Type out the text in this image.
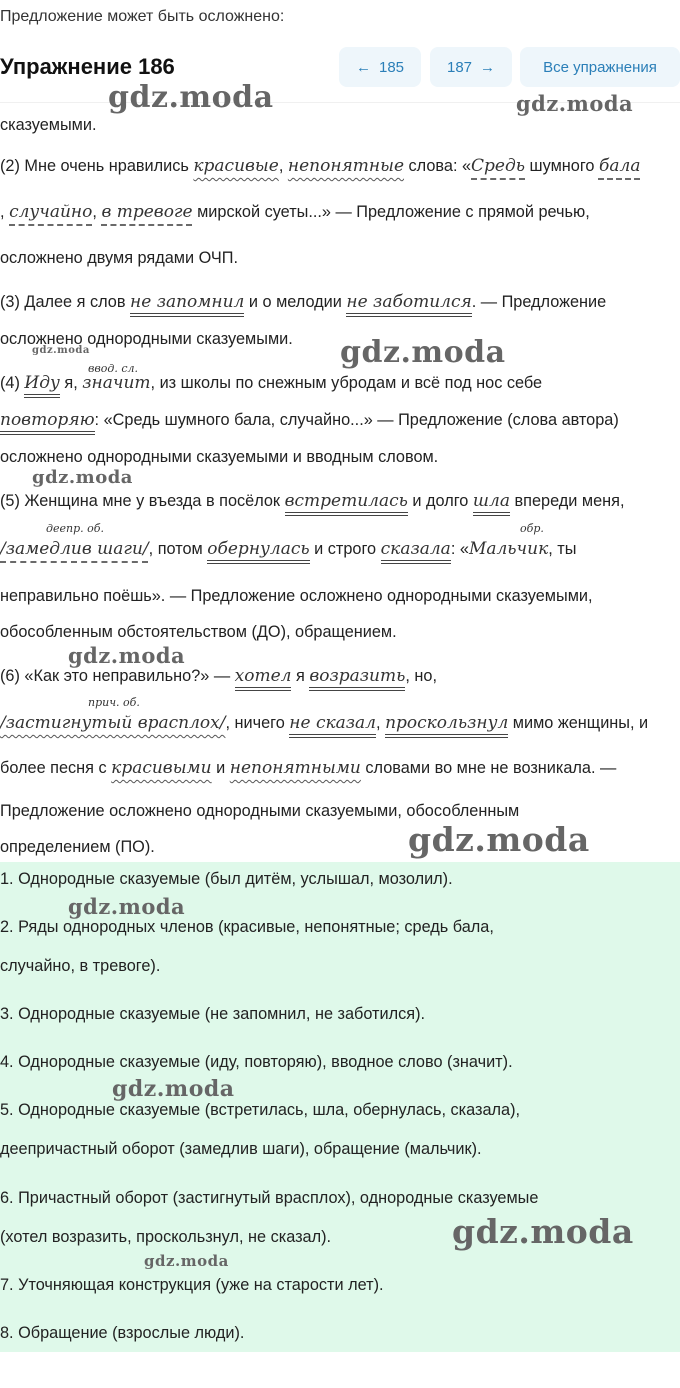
Предложение может быть осложнено:
Упражнение 186	← 185	187 →	Все упражнения
сказуемыми.
(2) Мне очень нравились красивые, непонятные слова: «Средь шумного бала
, случайно, в тревоге мирской суеты...» — Предложение с прямой речью,
осложнено двумя рядами ОЧП.
(3) Далее я слов не запомнил и о мелодии не заботился. — Предложение
осложнено однородными сказуемыми.
ввод. сл.
(4) Иду я, значит, из школы по снежным убродам и всё под нос себе
повторяю: «Средь шумного бала, случайно...» — Предложение (слова автора)
осложнено однородными сказуемыми и вводным словом.
(5) Женщина мне у въезда в посёлок встретилась и долго шла впереди меня,
деепр. об.	обр.
/замедлив шаги/, потом обернулась и строго сказала: «Мальчик, ты
неправильно поёшь». — Предложение осложнено однородными сказуемыми,
обособленным обстоятельством (ДО), обращением.
(6) «Как это неправильно?» — хотел я возразить, но,
прич. об.
/застигнутый врасплох/, ничего не сказал, проскользнул мимо женщины, и
более песня с красивыми и непонятными словами во мне не возникала. —
Предложение осложнено однородными сказуемыми, обособленным
определением (ПО).
1. Однородные сказуемые (был дитём, услышал, мозолил).
2. Ряды однородных членов (красивые, непонятные; средь бала,
случайно, в тревоге).
3. Однородные сказуемые (не запомнил, не заботился).
4. Однородные сказуемые (иду, повторяю), вводное слово (значит).
5. Однородные сказуемые (встретилась, шла, обернулась, сказала),
деепричастный оборот (замедлив шаги), обращение (мальчик).
6. Причастный оборот (застигнутый врасплох), однородные сказуемые
(хотел возразить, проскользнул, не сказал).
7. Уточняющая конструкция (уже на старости лет).
8. Обращение (взрослые люди).
gdz.moda	gdz.moda
gdz.moda	gdz.moda
gdz.moda
gdz.moda
gdz.moda
gdz.moda
gdz.moda
gdz.moda
gdz.moda
